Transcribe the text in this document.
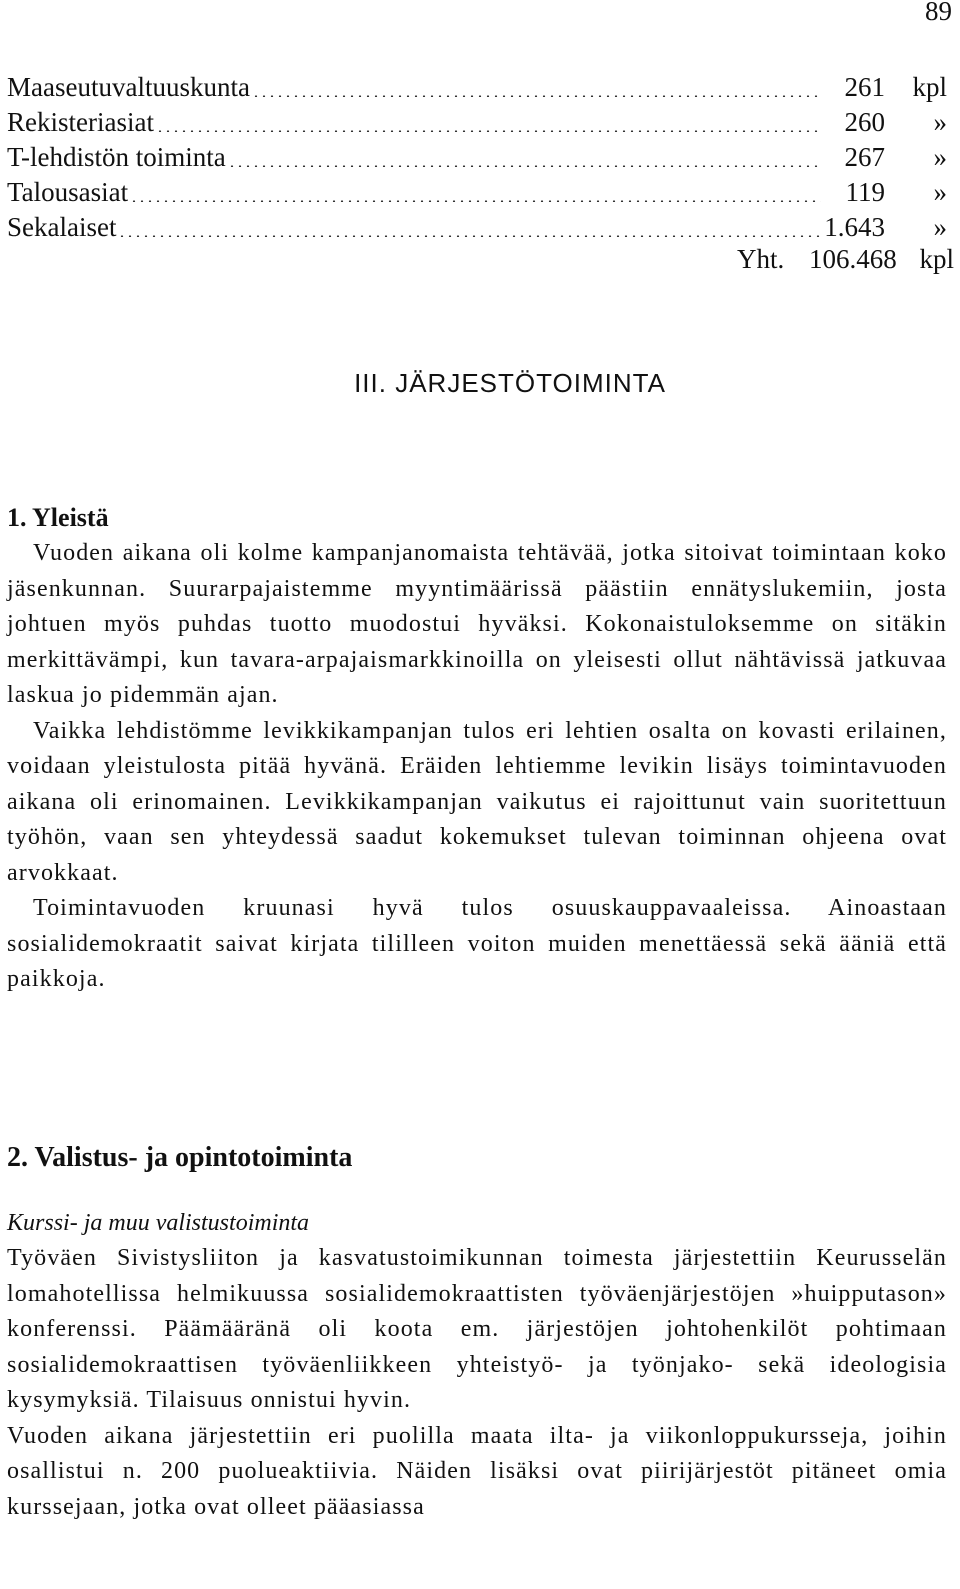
89
Maaseutuvaltuuskunta	261	kpl
Rekisteriasiat	260	»
T-lehdistön toiminta	267	»
Talousasiat	119	»
Sekalaiset	1.643	»
Yht. 106.468 kpl
III. JÄRJESTÖTOIMINTA
1. Yleistä

Vuoden aikana oli kolme kampanjanomaista tehtävää, jotka sitoivat toimintaan koko jäsenkunnan. Suurarpajaistemme myyntimäärissä päästiin ennätyslukemiin, josta johtuen myös puhdas tuotto muodostui hyväksi. Kokonaistuloksemme on sitäkin merkittävämpi, kun tavara-arpajaismarkkinoilla on yleisesti ollut nähtävissä jatkuvaa laskua jo pidemmän ajan.

Vaikka lehdistömme levikkikampanjan tulos eri lehtien osalta on kovasti erilainen, voidaan yleistulosta pitää hyvänä. Eräiden lehtiemme levikin lisäys toimintavuoden aikana oli erinomainen. Levikkikampanjan vaikutus ei rajoittunut vain suoritettuun työhön, vaan sen yhteydessä saadut kokemukset tulevan toiminnan ohjeena ovat arvokkaat.

Toimintavuoden kruunasi hyvä tulos osuuskauppavaaleissa. Ainoastaan sosialidemokraatit saivat kirjata tililleen voiton muiden menettäessä sekä ääniä että paikkoja.

2. Valistus- ja opintotoiminta
Kurssi- ja muu valistustoiminta

Työväen Sivistysliiton ja kasvatustoimikunnan toimesta järjestettiin Keurusselän lomahotellissa helmikuussa sosialidemokraattisten työväenjärjestöjen »huipputason» konferenssi. Päämääränä oli koota em. järjestöjen johtohenkilöt pohtimaan sosialidemokraattisen työväenliikkeen yhteistyö- ja työnjako- sekä ideologisia kysymyksiä. Tilaisuus onnistui hyvin.

Vuoden aikana järjestettiin eri puolilla maata ilta- ja viikonloppukursseja, joihin osallistui n. 200 puolueaktiivia. Näiden lisäksi ovat piirijärjestöt pitäneet omia kurssejaan, jotka ovat olleet pääasiassa
